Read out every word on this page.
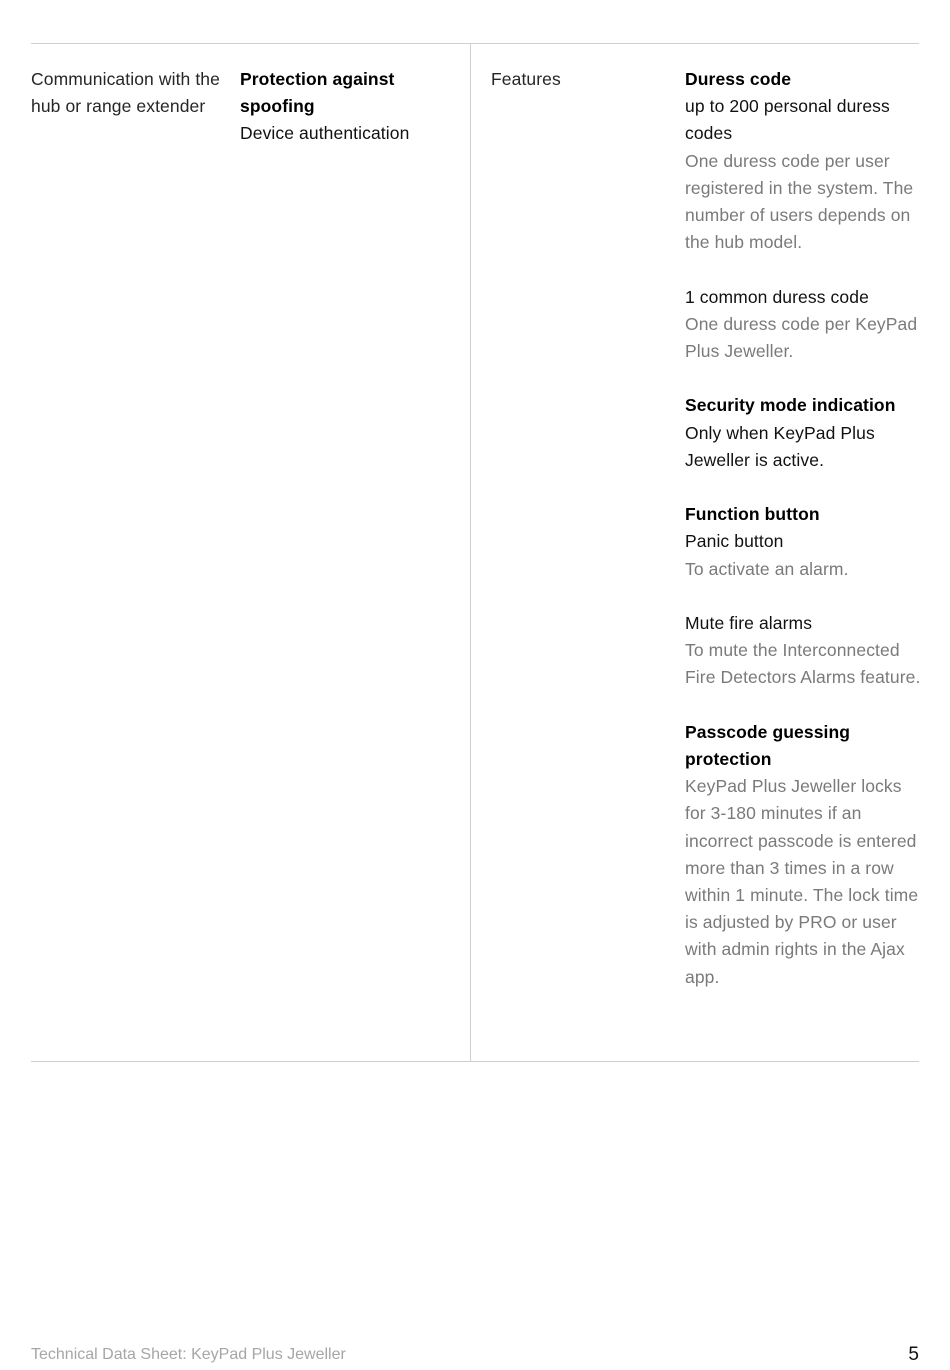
Communication with the hub or range extender
Protection against spoofing
Device authentication
Features	Duress code
up to 200 personal duress codes
One duress code per user registered in the system. The number of users depends on the hub model.
1 common duress code
One duress code per KeyPad Plus Jeweller.
Security mode indication
Only when KeyPad Plus Jeweller is active.
Function button
Panic button
To activate an alarm.
Mute fire alarms
To mute the Interconnected Fire Detectors Alarms feature.
Passcode guessing protection
KeyPad Plus Jeweller locks for 3-180 minutes if an incorrect passcode is entered more than 3 times in a row within 1 minute. The lock time is adjusted by PRO or user with admin rights in the Ajax app.
Technical Data Sheet: KeyPad Plus Jeweller	5
